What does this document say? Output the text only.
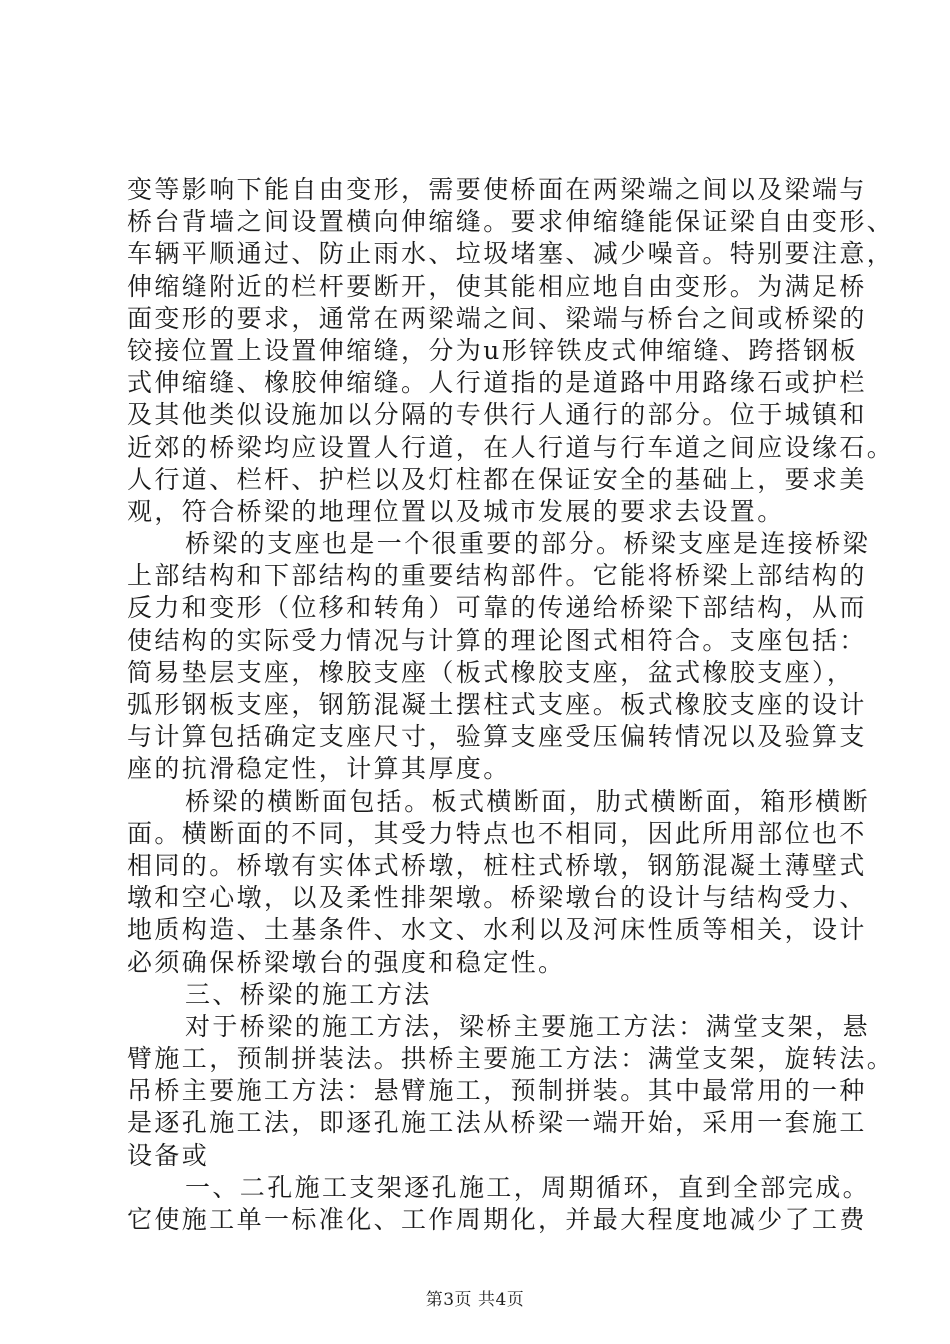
变等影响下能自由变形，需要使桥面在两梁端之间以及梁端与
桥台背墙之间设置横向伸缩缝。要求伸缩缝能保证梁自由变形、
车辆平顺通过、防止雨水、垃圾堵塞、减少噪音。特别要注意，
伸缩缝附近的栏杆要断开，使其能相应地自由变形。为满足桥
面变形的要求，通常在两梁端之间、梁端与桥台之间或桥梁的
铰接位置上设置伸缩缝，分为u形锌铁皮式伸缩缝、跨搭钢板
式伸缩缝、橡胶伸缩缝。人行道指的是道路中用路缘石或护栏
及其他类似设施加以分隔的专供行人通行的部分。位于城镇和
近郊的桥梁均应设置人行道，在人行道与行车道之间应设缘石。
人行道、栏杆、护栏以及灯柱都在保证安全的基础上，要求美
观，符合桥梁的地理位置以及城市发展的要求去设置。
桥梁的支座也是一个很重要的部分。桥梁支座是连接桥梁
上部结构和下部结构的重要结构部件。它能将桥梁上部结构的
反力和变形（位移和转角）可靠的传递给桥梁下部结构，从而
使结构的实际受力情况与计算的理论图式相符合。支座包括：
简易垫层支座，橡胶支座（板式橡胶支座，盆式橡胶支座），
弧形钢板支座，钢筋混凝土摆柱式支座。板式橡胶支座的设计
与计算包括确定支座尺寸，验算支座受压偏转情况以及验算支
座的抗滑稳定性，计算其厚度。
桥梁的横断面包括。板式横断面，肋式横断面，箱形横断
面。横断面的不同，其受力特点也不相同，因此所用部位也不
相同的。桥墩有实体式桥墩，桩柱式桥墩，钢筋混凝土薄壁式
墩和空心墩，以及柔性排架墩。桥梁墩台的设计与结构受力、
地质构造、土基条件、水文、水利以及河床性质等相关，设计
必须确保桥梁墩台的强度和稳定性。
三、桥梁的施工方法
对于桥梁的施工方法，梁桥主要施工方法：满堂支架，悬
臂施工，预制拼装法。拱桥主要施工方法：满堂支架，旋转法。
吊桥主要施工方法：悬臂施工，预制拼装。其中最常用的一种
是逐孔施工法，即逐孔施工法从桥梁一端开始，采用一套施工
设备或
一、二孔施工支架逐孔施工，周期循环，直到全部完成。
它使施工单一标准化、工作周期化，并最大程度地减少了工费
第3页 共4页
